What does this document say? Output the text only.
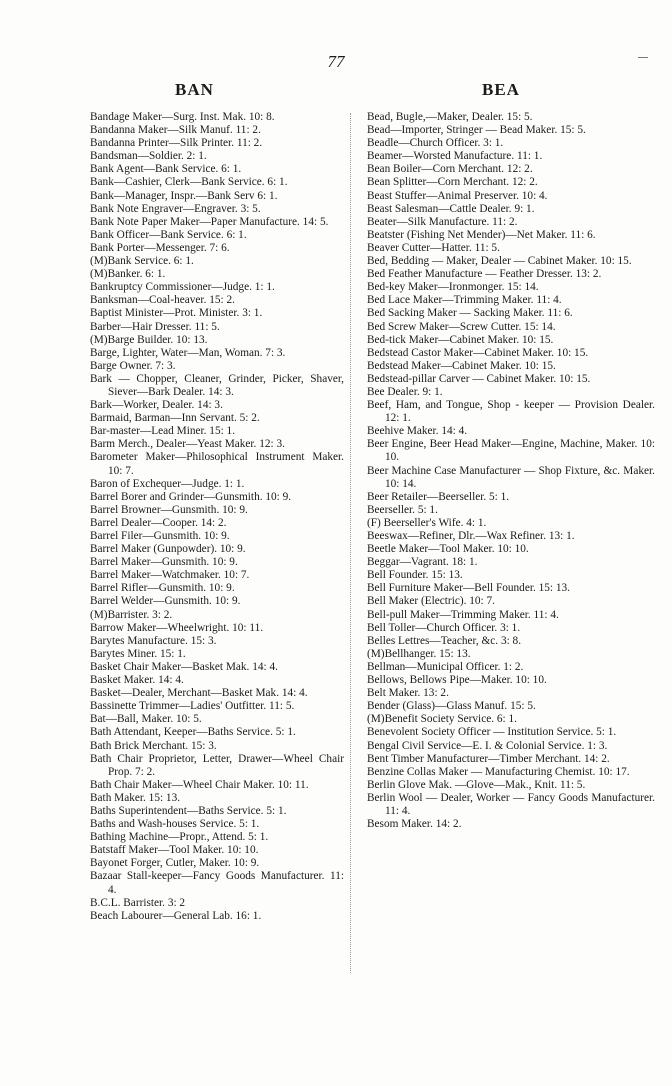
77
BAN	BEA

Bandage Maker—Surg. Inst. Mak. 10: 8.

Bandanna Maker—Silk Manuf. 11: 2.

Bandanna Printer—Silk Printer. 11: 2.

Bandsman—Soldier. 2: 1.

Bank Agent—Bank Service. 6: 1.

Bank—Cashier, Clerk—Bank Service. 6: 1.

Bank—Manager, Inspr.—Bank Serv 6: 1.

Bank Note Engraver—Engraver. 3: 5.

Bank Note Paper Maker—Paper Manufacture. 14: 5.

Bank Officer—Bank Service. 6: 1.

Bank Porter—Messenger. 7: 6.

(M)Bank Service. 6: 1.

(M)Banker. 6: 1.

Bankruptcy Commissioner—Judge. 1: 1.

Banksman—Coal-heaver. 15: 2.

Baptist Minister—Prot. Minister. 3: 1.

Barber—Hair Dresser. 11: 5.

(M)Barge Builder. 10: 13.

Barge, Lighter, Water—Man, Woman. 7: 3.

Barge Owner. 7: 3.

Bark — Chopper, Cleaner, Grinder, Picker, Shaver, Siever—Bark Dealer. 14: 3.

Bark—Worker, Dealer. 14: 3.

Barmaid, Barman—Inn Servant. 5: 2.

Bar-master—Lead Miner. 15: 1.

Barm Merch., Dealer—Yeast Maker. 12: 3.

Barometer Maker—Philosophical Instrument Maker. 10: 7.

Baron of Exchequer—Judge. 1: 1.

Barrel Borer and Grinder—Gunsmith. 10: 9.

Barrel Browner—Gunsmith. 10: 9.

Barrel Dealer—Cooper. 14: 2.

Barrel Filer—Gunsmith. 10: 9.

Barrel Maker (Gunpowder). 10: 9.

Barrel Maker—Gunsmith. 10: 9.

Barrel Maker—Watchmaker. 10: 7.

Barrel Rifler—Gunsmith. 10: 9.

Barrel Welder—Gunsmith. 10: 9.

(M)Barrister. 3: 2.

Barrow Maker—Wheelwright. 10: 11.

Barytes Manufacture. 15: 3.

Barytes Miner. 15: 1.

Basket Chair Maker—Basket Mak. 14: 4.

Basket Maker. 14: 4.

Basket—Dealer, Merchant—Basket Mak. 14: 4.

Bassinette Trimmer—Ladies' Outfitter. 11: 5.

Bat—Ball, Maker. 10: 5.

Bath Attendant, Keeper—Baths Service. 5: 1.

Bath Brick Merchant. 15: 3.

Bath Chair Proprietor, Letter, Drawer—Wheel Chair Prop. 7: 2.

Bath Chair Maker—Wheel Chair Maker. 10: 11.

Bath Maker. 15: 13.

Baths Superintendent—Baths Service. 5: 1.

Baths and Wash-houses Service. 5: 1.

Bathing Machine—Propr., Attend. 5: 1.

Batstaff Maker—Tool Maker. 10: 10.

Bayonet Forger, Cutler, Maker. 10: 9.

Bazaar Stall-keeper—Fancy Goods Manufacturer. 11: 4.

B.C.L. Barrister. 3: 2

Beach Labourer—General Lab. 16: 1.

Bead, Bugle,—Maker, Dealer. 15: 5.

Bead—Importer, Stringer — Bead Maker. 15: 5.

Beadle—Church Officer. 3: 1.

Beamer—Worsted Manufacture. 11: 1.

Bean Boiler—Corn Merchant. 12: 2.

Bean Splitter—Corn Merchant. 12: 2.

Beast Stuffer—Animal Preserver. 10: 4.

Beast Salesman—Cattle Dealer. 9: 1.

Beater—Silk Manufacture. 11: 2.

Beatster (Fishing Net Mender)—Net Maker. 11: 6.

Beaver Cutter—Hatter. 11: 5.

Bed, Bedding — Maker, Dealer — Cabinet Maker. 10: 15.

Bed Feather Manufacture — Feather Dresser. 13: 2.

Bed-key Maker—Ironmonger. 15: 14.

Bed Lace Maker—Trimming Maker. 11: 4.

Bed Sacking Maker — Sacking Maker. 11: 6.

Bed Screw Maker—Screw Cutter. 15: 14.

Bed-tick Maker—Cabinet Maker. 10: 15.

Bedstead Castor Maker—Cabinet Maker. 10: 15.

Bedstead Maker—Cabinet Maker. 10: 15.

Bedstead-pillar Carver — Cabinet Maker. 10: 15.

Bee Dealer. 9: 1.

Beef, Ham, and Tongue, Shop - keeper — Provision Dealer. 12: 1.

Beehive Maker. 14: 4.

Beer Engine, Beer Head Maker—Engine, Machine, Maker. 10: 10.

Beer Machine Case Manufacturer — Shop Fixture, &c. Maker. 10: 14.

Beer Retailer—Beerseller. 5: 1.

Beerseller. 5: 1.

(F) Beerseller's Wife. 4: 1.

Beeswax—Refiner, Dlr.—Wax Refiner. 13: 1.

Beetle Maker—Tool Maker. 10: 10.

Beggar—Vagrant. 18: 1.

Bell Founder. 15: 13.

Bell Furniture Maker—Bell Founder. 15: 13.

Bell Maker (Electric). 10: 7.

Bell-pull Maker—Trimming Maker. 11: 4.

Bell Toller—Church Officer. 3: 1.

Belles Lettres—Teacher, &c. 3: 8.

(M)Bellhanger. 15: 13.

Bellman—Municipal Officer. 1: 2.

Bellows, Bellows Pipe—Maker. 10: 10.

Belt Maker. 13: 2.

Bender (Glass)—Glass Manuf. 15: 5.

(M)Benefit Society Service. 6: 1.

Benevolent Society Officer — Institution Service. 5: 1.

Bengal Civil Service—E. I. & Colonial Service. 1: 3.

Bent Timber Manufacturer—Timber Merchant. 14: 2.

Benzine Collas Maker — Manufacturing Chemist. 10: 17.

Berlin Glove Mak. —Glove—Mak., Knit. 11: 5.

Berlin Wool — Dealer, Worker — Fancy Goods Manufacturer. 11: 4.

Besom Maker. 14: 2.
